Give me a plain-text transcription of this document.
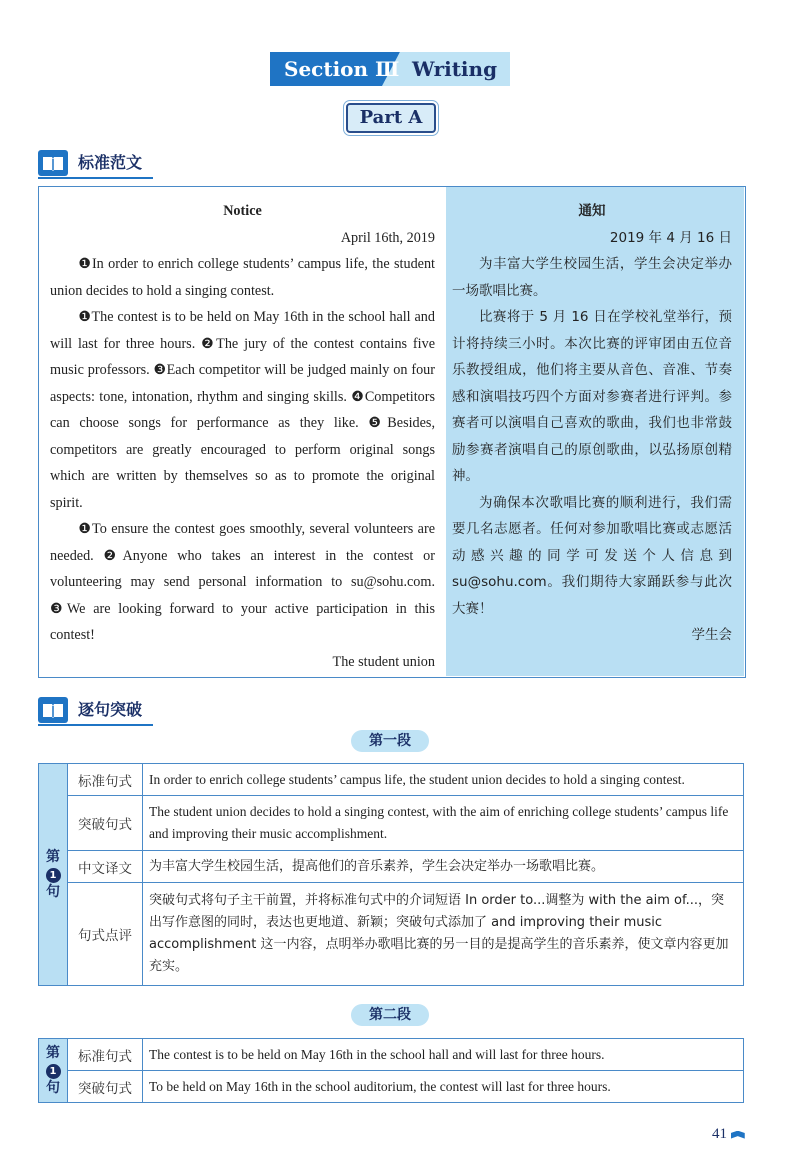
Section Ⅲ Writing
Part A
标准范文
Notice
April 16th, 2019
❶In order to enrich college students’ campus life, the student union decides to hold a singing contest.
❶The contest is to be held on May 16th in the school hall and will last for three hours. ❷The jury of the contest contains five music professors. ❸Each competitor will be judged mainly on four aspects: tone, intonation, rhythm and singing skills. ❹Competitors can choose songs for performance as they like. ❺Besides, competitors are greatly encouraged to perform original songs which are written by themselves so as to promote the original spirit.
❶To ensure the contest goes smoothly, several volunteers are needed. ❷Anyone who takes an interest in the contest or volunteering may send personal information to su@sohu.com. ❸We are looking forward to your active participation in this contest!
The student union
通知
2019 年 4 月 16 日
为丰富大学生校园生活，学生会决定举办一场歌唱比赛。
比赛将于 5 月 16 日在学校礼堂举行，预计将持续三小时。本次比赛的评审团由五位音乐教授组成，他们将主要从音色、音准、节奏感和演唱技巧四个方面对参赛者进行评判。参赛者可以演唱自己喜欢的歌曲，我们也非常鼓励参赛者演唱自己的原创歌曲，以弘扬原创精神。
为确保本次歌唱比赛的顺利进行，我们需要几名志愿者。任何对参加歌唱比赛或志愿活动感兴趣的同学可发送个人信息到 su@sohu.com。我们期待大家踊跃参与此次大赛！
学生会
逐句突破
第一段
第
1
句	标准句式	In order to enrich college students’ campus life, the student union decides to hold a singing contest.
	突破句式	The student union decides to hold a singing contest, with the aim of enriching college students’ campus life and improving their music accomplishment.
	中文译文	为丰富大学生校园生活，提高他们的音乐素养，学生会决定举办一场歌唱比赛。
	句式点评	突破句式将句子主干前置，并将标准句式中的介词短语 In order to...调整为 with the aim of...，突出写作意图的同时，表达也更地道、新颖；突破句式添加了 and improving their music accomplishment 这一内容，点明举办歌唱比赛的另一目的是提高学生的音乐素养，使文章内容更加充实。
第二段
第
1
句	标准句式	The contest is to be held on May 16th in the school hall and will last for three hours.
	突破句式	To be held on May 16th in the school auditorium, the contest will last for three hours.
41
